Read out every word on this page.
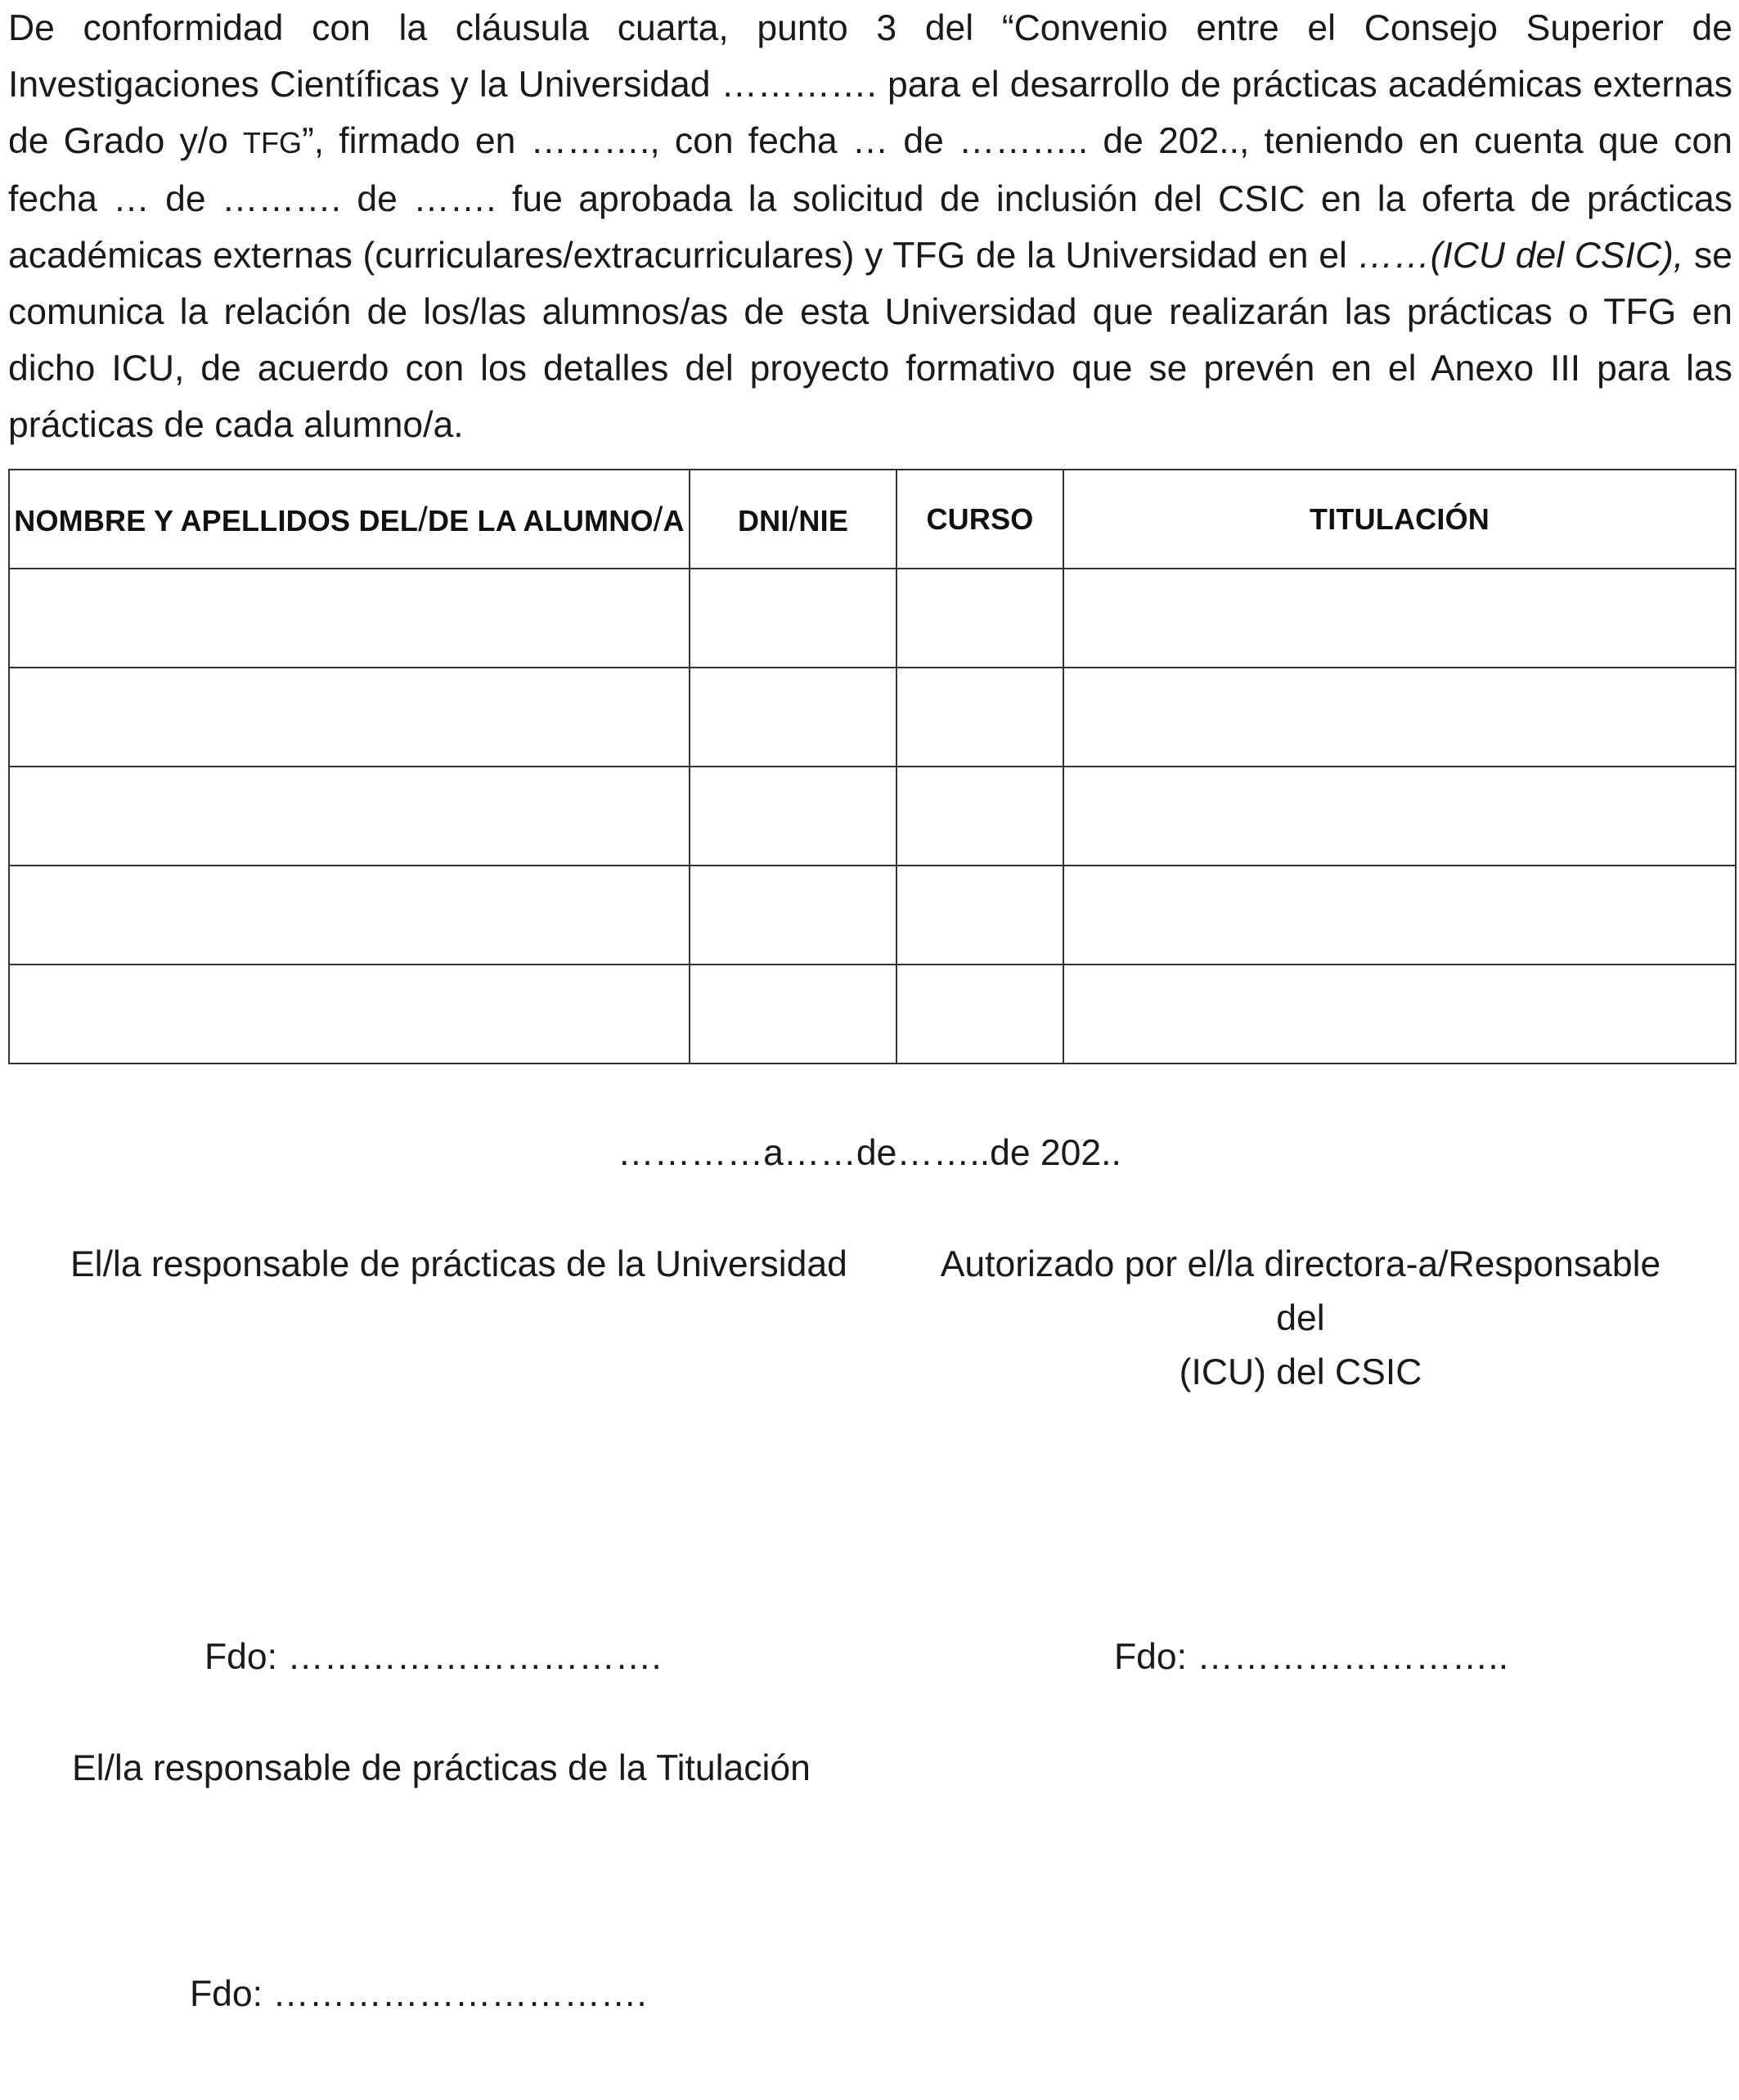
De conformidad con la cláusula cuarta, punto 3 del “Convenio entre el Consejo Superior de Investigaciones Científicas y la Universidad …………. para el desarrollo de prácticas académicas externas de Grado y/o TFG”, firmado en ………., con fecha … de ……….. de 202.., teniendo en cuenta que con fecha … de ………. de ……. fue aprobada la solicitud de inclusión del CSIC en la oferta de prácticas académicas externas (curriculares/extracurriculares) y TFG de la Universidad en el ……(ICU del CSIC), se comunica la relación de los/las alumnos/as de esta Universidad que realizarán las prácticas o TFG en dicho ICU, de acuerdo con los detalles del proyecto formativo que se prevén en el Anexo III para las prácticas de cada alumno/a.

NOMBRE Y APELLIDOS DEL/DE LA ALUMNO/A	DNI/NIE	CURSO	TITULACIÓN

…………a……de……..de 202..
El/la responsable de prácticas de la Universidad	Autorizado por el/la directora-a/Responsable del
(ICU) del CSIC
Fdo: ………………………….	Fdo: ……………………..
El/la responsable de prácticas de la Titulación
Fdo: ………………………….
